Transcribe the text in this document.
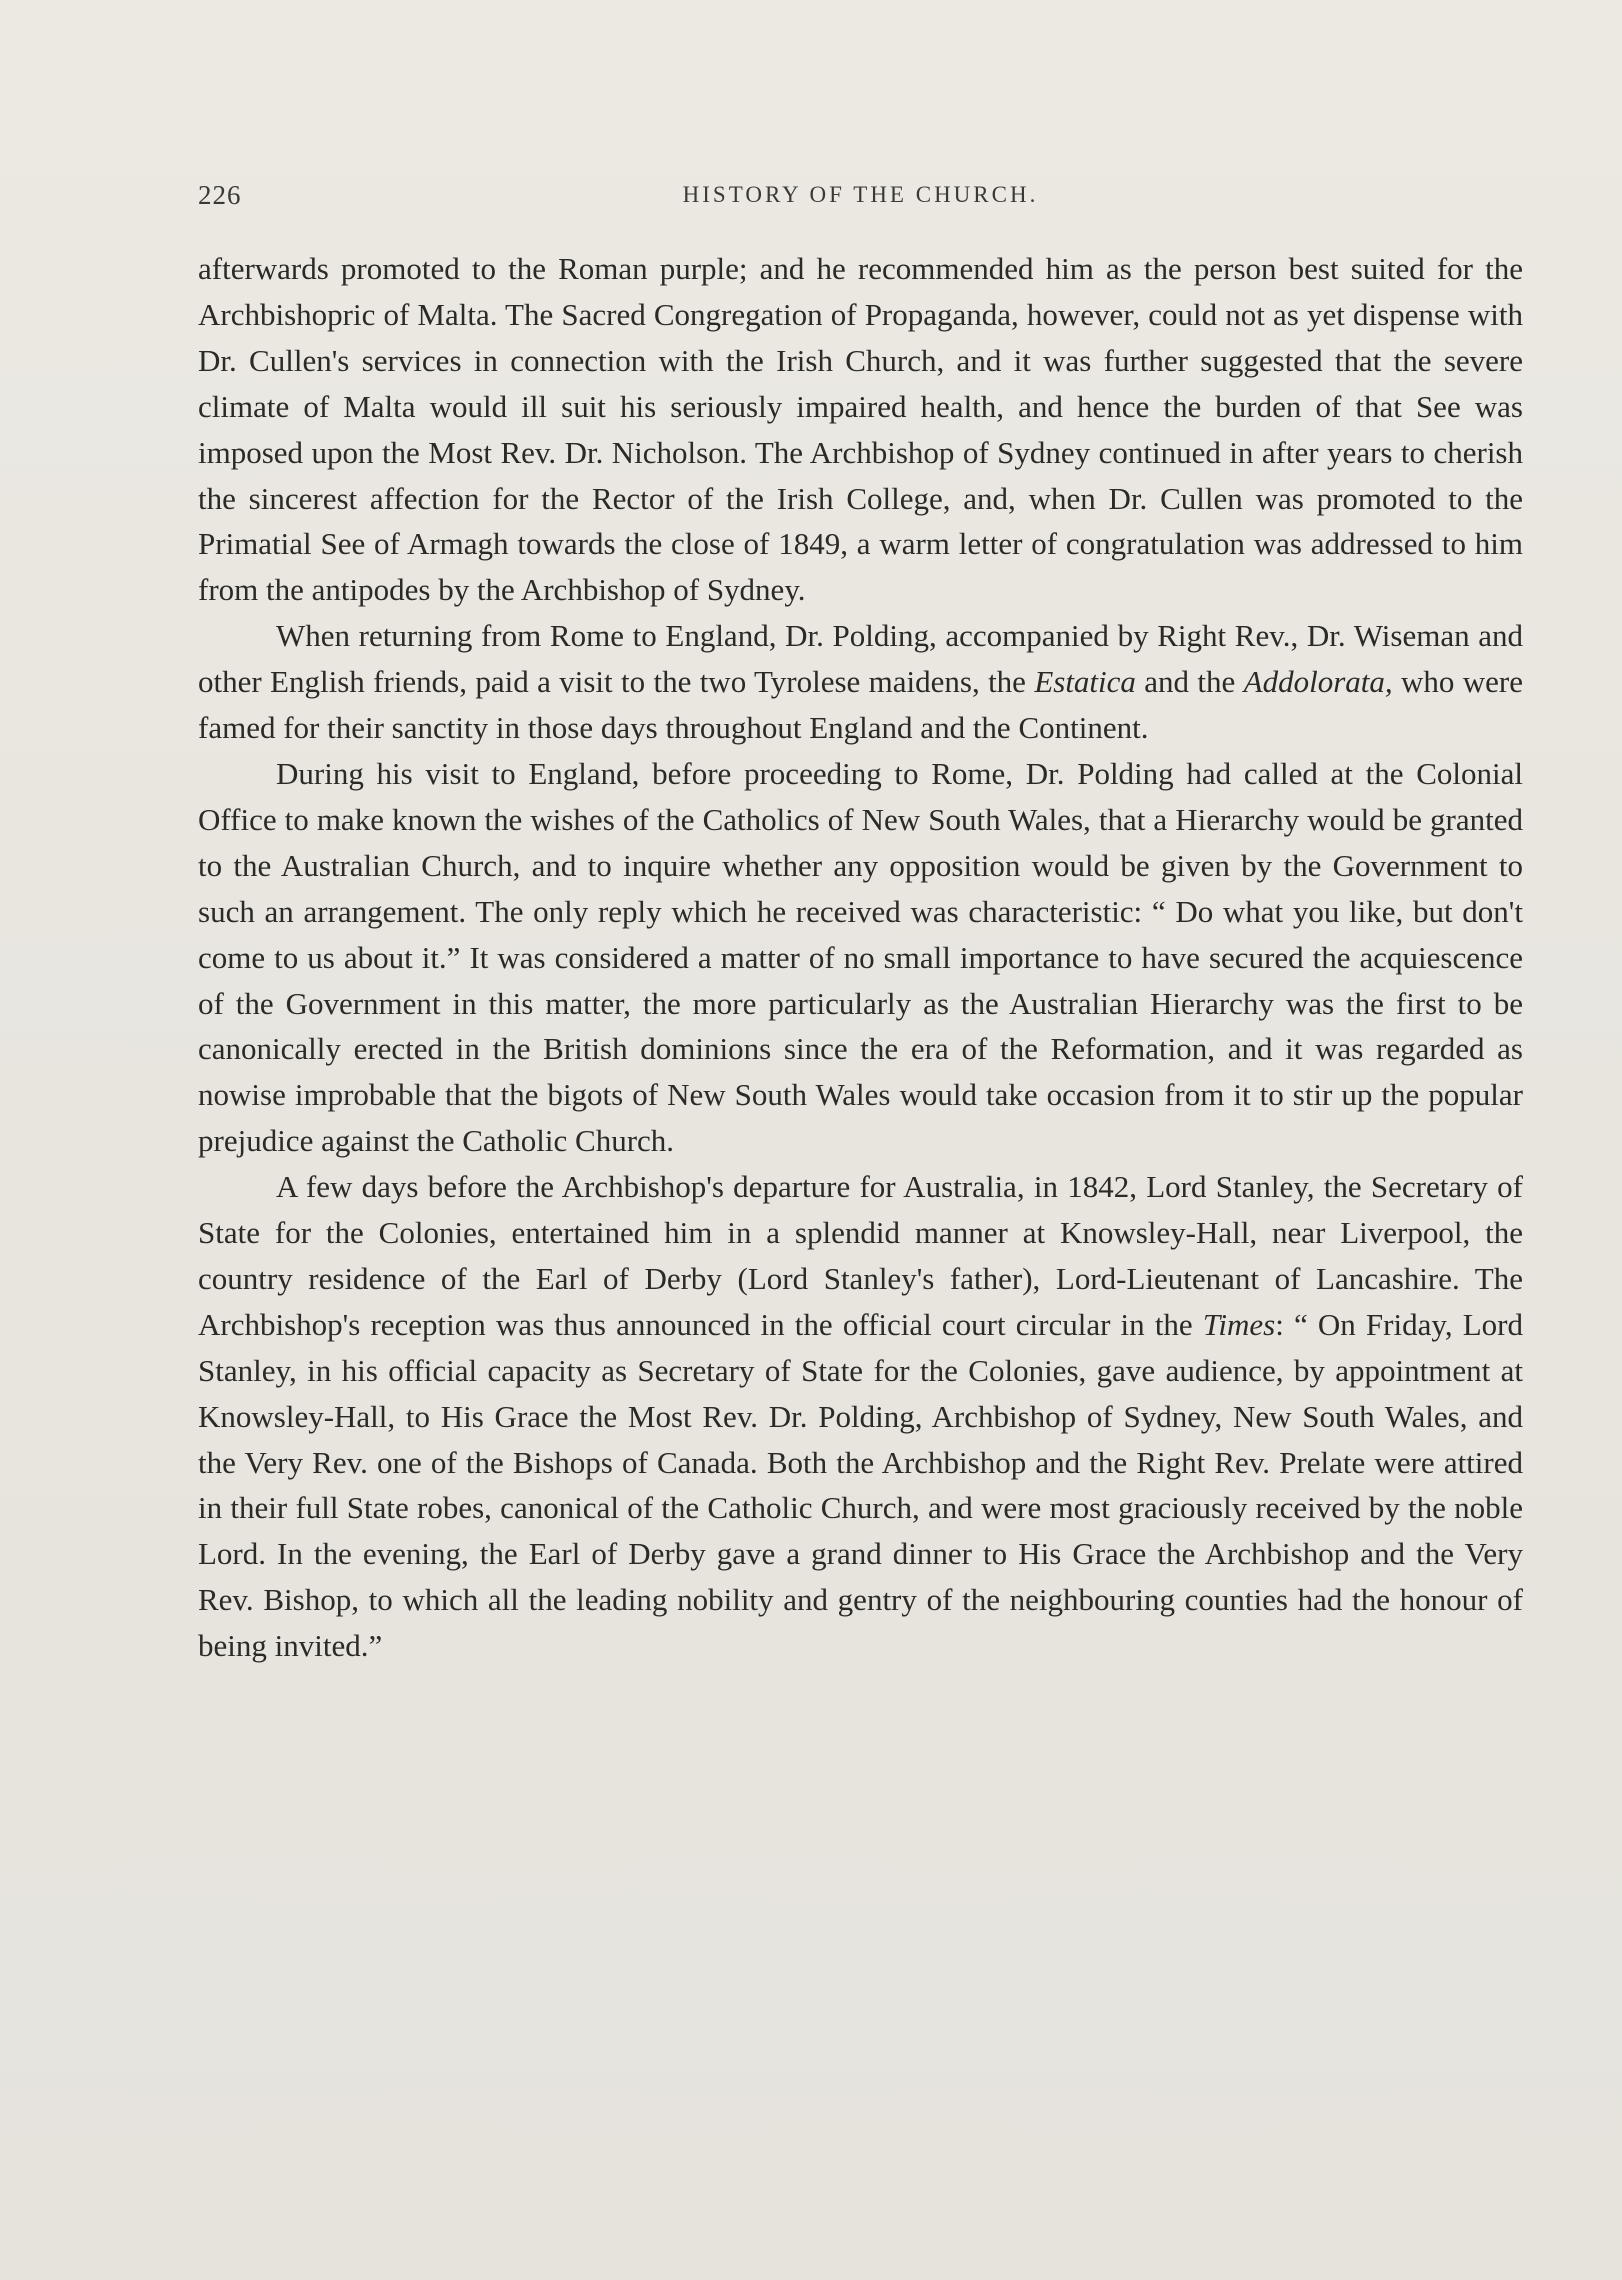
226	HISTORY OF THE CHURCH.

afterwards promoted to the Roman purple; and he recommended him as the person best suited for the Archbishopric of Malta. The Sacred Congregation of Propaganda, however, could not as yet dispense with Dr. Cullen's services in connection with the Irish Church, and it was further suggested that the severe climate of Malta would ill suit his seriously impaired health, and hence the burden of that See was imposed upon the Most Rev. Dr. Nicholson. The Archbishop of Sydney continued in after years to cherish the sincerest affection for the Rector of the Irish College, and, when Dr. Cullen was promoted to the Primatial See of Armagh towards the close of 1849, a warm letter of congratulation was addressed to him from the antipodes by the Archbishop of Sydney.

When returning from Rome to England, Dr. Polding, accompanied by Right Rev., Dr. Wiseman and other English friends, paid a visit to the two Tyrolese maidens, the Estatica and the Addolorata, who were famed for their sanctity in those days throughout England and the Continent.

During his visit to England, before proceeding to Rome, Dr. Polding had called at the Colonial Office to make known the wishes of the Catholics of New South Wales, that a Hierarchy would be granted to the Australian Church, and to inquire whether any opposition would be given by the Government to such an arrangement. The only reply which he received was characteristic: “ Do what you like, but don't come to us about it.” It was considered a matter of no small importance to have secured the acquiescence of the Government in this matter, the more particularly as the Australian Hierarchy was the first to be canonically erected in the British dominions since the era of the Reformation, and it was regarded as nowise improbable that the bigots of New South Wales would take occasion from it to stir up the popular prejudice against the Catholic Church.

A few days before the Archbishop's departure for Australia, in 1842, Lord Stanley, the Secretary of State for the Colonies, entertained him in a splendid manner at Knowsley-Hall, near Liverpool, the country residence of the Earl of Derby (Lord Stanley's father), Lord-Lieutenant of Lancashire. The Archbishop's reception was thus announced in the official court circular in the Times: “ On Friday, Lord Stanley, in his official capacity as Secretary of State for the Colonies, gave audience, by appointment at Knowsley-Hall, to His Grace the Most Rev. Dr. Polding, Archbishop of Sydney, New South Wales, and the Very Rev. one of the Bishops of Canada. Both the Archbishop and the Right Rev. Prelate were attired in their full State robes, canonical of the Catholic Church, and were most graciously received by the noble Lord. In the evening, the Earl of Derby gave a grand dinner to His Grace the Archbishop and the Very Rev. Bishop, to which all the leading nobility and gentry of the neighbouring counties had the honour of being invited.”
